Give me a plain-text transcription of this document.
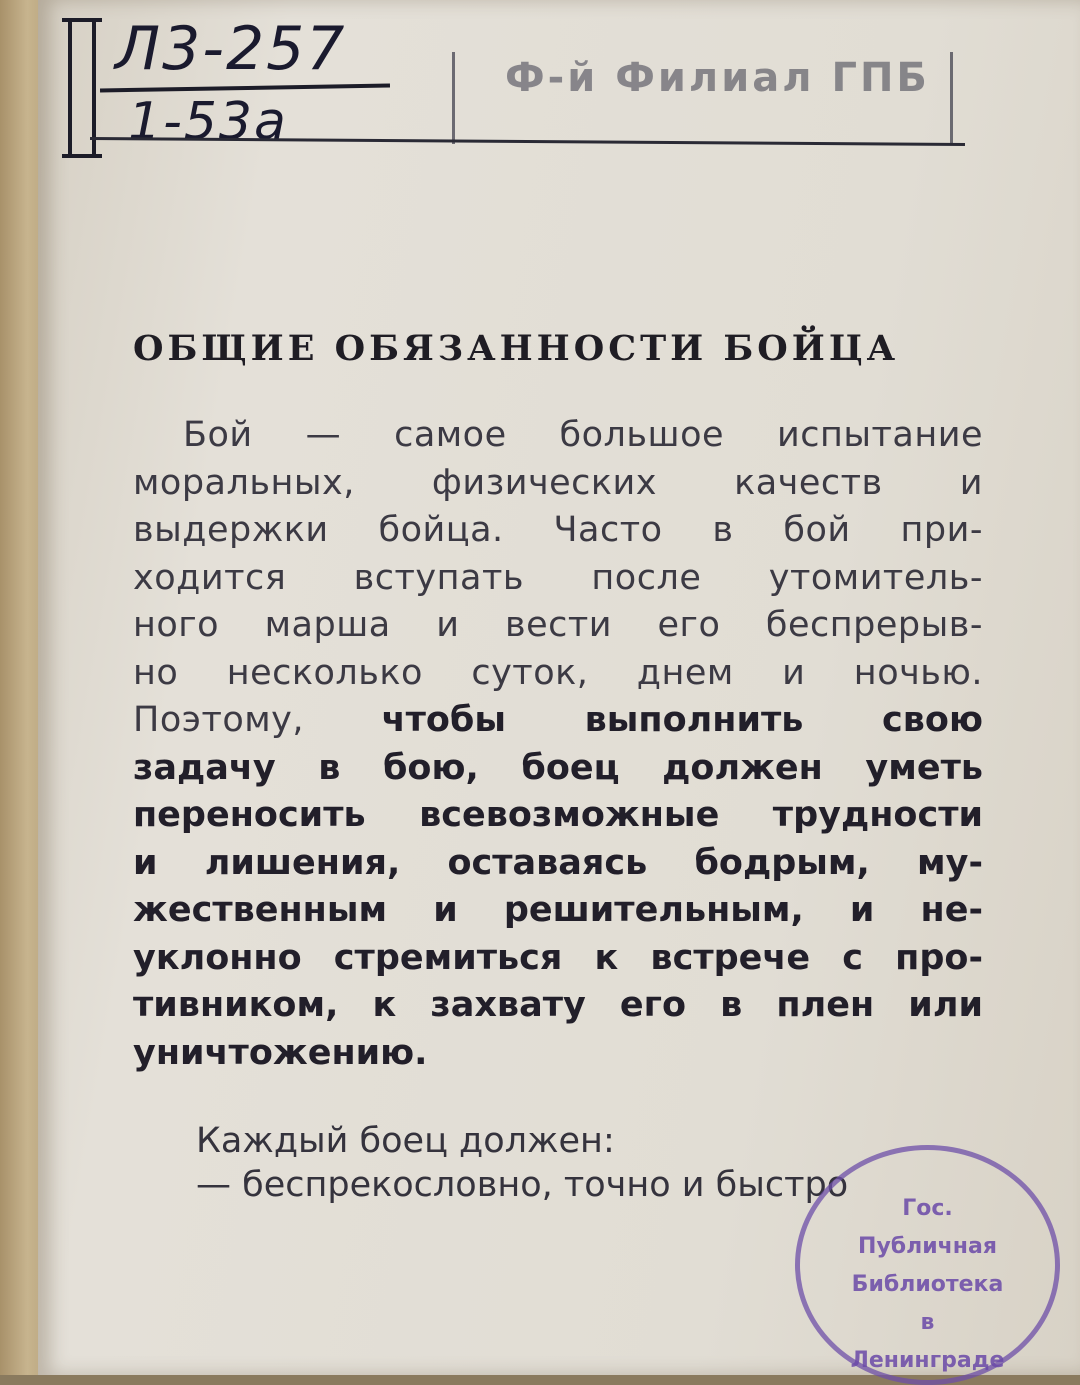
Л3-257
1-53а
Ф-й Филиал ГПБ
ОБЩИЕ ОБЯЗАННОСТИ БОЙЦА
Бой — самое большое испытание
моральных, физических качеств и
выдержки бойца. Часто в бой при-
ходится вступать после утомитель-
ного марша и вести его беспрерыв-
но несколько суток, днем и ночью.
Поэтому, чтобы выполнить свою
задачу в бою, боец должен уметь
переносить всевозможные трудности
и лишения, оставаясь бодрым, му-
жественным и решительным, и не-
уклонно стремиться к встрече с про-
тивником, к захвату его в плен или
уничтожению.
Каждый боец должен:
— беспрекословно, точно и быстро
Гос.
Публичная
Библиотека
в
Ленинграде
